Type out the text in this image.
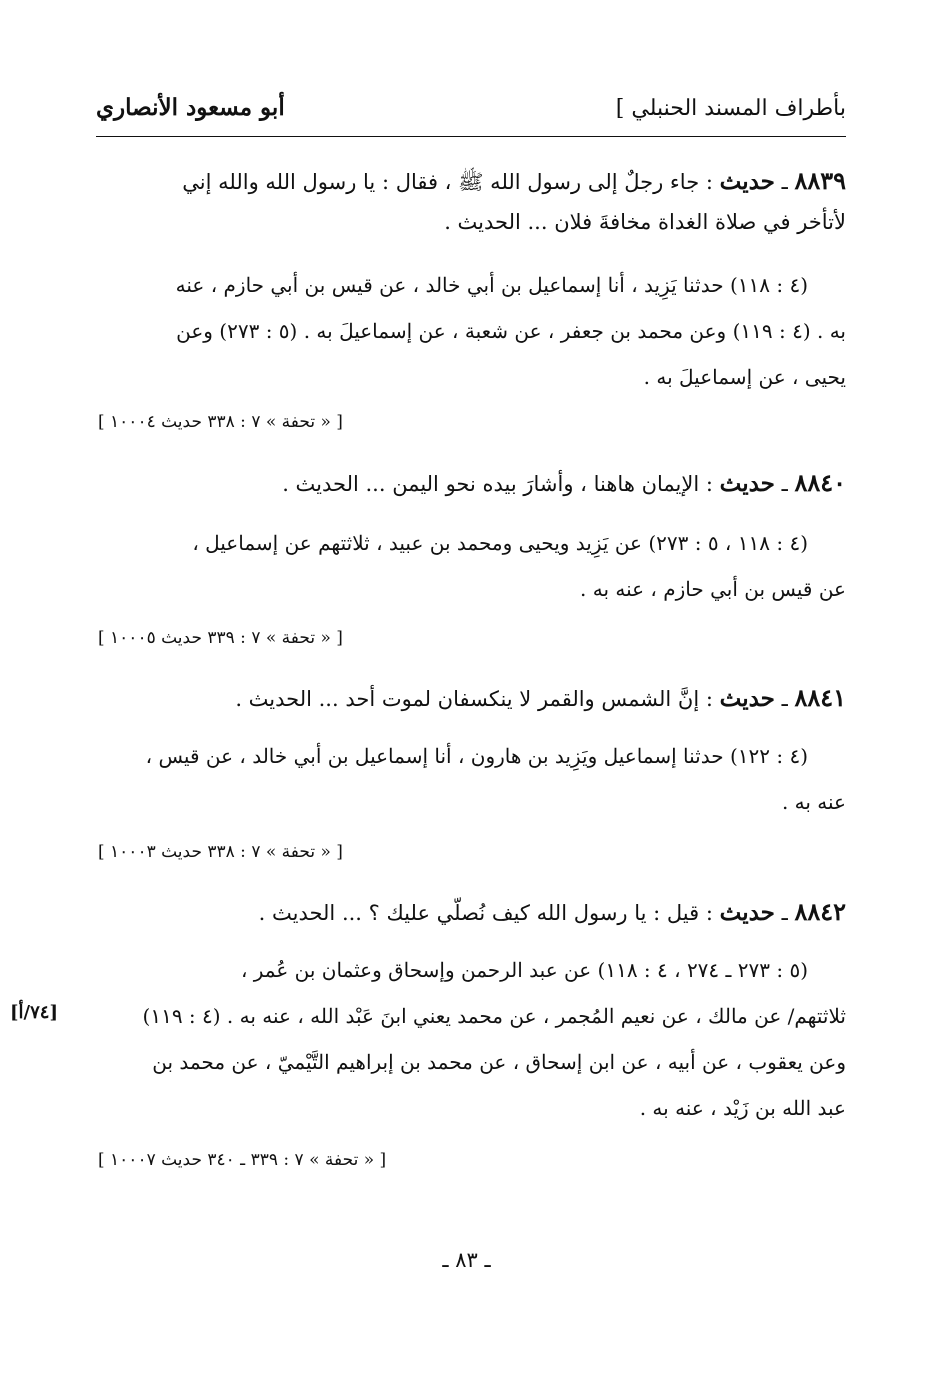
بأطراف المسند الحنبلي ]
أبو مسعود الأنصاري
٨٨٣٩ ـ حديث
: جاء رجلٌ إلى رسول الله ﷺ ، فقال : يا رسول الله والله إني
لأتأخر في صلاة الغداة مخافةَ فلان ... الحديث .
(٤ : ١١٨) حدثنا يَزِيد ، أنا إسماعيل بن أبي خالد ، عن قيس بن أبي حازم ، عنه
به . (٤ : ١١٩) وعن محمد بن جعفر ، عن شعبة ، عن إسماعيلَ به . (٥ : ٢٧٣) وعن
يحيى ، عن إسماعيلَ به .
[ « تحفة » ٧ : ٣٣٨ حديث ١٠٠٠٤ ]
٨٨٤٠ ـ حديث
: الإيمان هاهنا ، وأشارَ بيده نحو اليمن ... الحديث .
(٤ : ١١٨ ، ٥ : ٢٧٣) عن يَزِيد ويحيى ومحمد بن عبيد ، ثلاثتهم عن إسماعيل ،
عن قيس بن أبي حازم ، عنه به .
[ « تحفة » ٧ : ٣٣٩ حديث ١٠٠٠٥ ]
٨٨٤١ ـ حديث
: إنَّ الشمس والقمر لا ينكسفان لموت أحد ... الحديث .
(٤ : ١٢٢) حدثنا إسماعيل ويَزِيد بن هارون ، أنا إسماعيل بن أبي خالد ، عن قيس ،
عنه به .
[ « تحفة » ٧ : ٣٣٨ حديث ١٠٠٠٣ ]
٨٨٤٢ ـ حديث
: قيل : يا رسول الله كيف نُصلّي عليك ؟ ... الحديث .
(٥ : ٢٧٣ ـ ٢٧٤ ، ٤ : ١١٨) عن عبد الرحمن وإسحاق وعثمان بن عُمر ،
ثلاثتهم/ عن مالك ، عن نعيم المُجمر ، عن محمد يعني ابنَ عَبْد الله ، عنه به . (٤ : ١١٩)
وعن يعقوب ، عن أبيه ، عن ابن إسحاق ، عن محمد بن إبراهيم التَّيْميّ ، عن محمد بن
عبد الله بن زَيْد ، عنه به .
[ « تحفة » ٧ : ٣٣٩ ـ ٣٤٠ حديث ١٠٠٠٧ ]
[٧٤/أ]
ـ ٨٣ ـ
